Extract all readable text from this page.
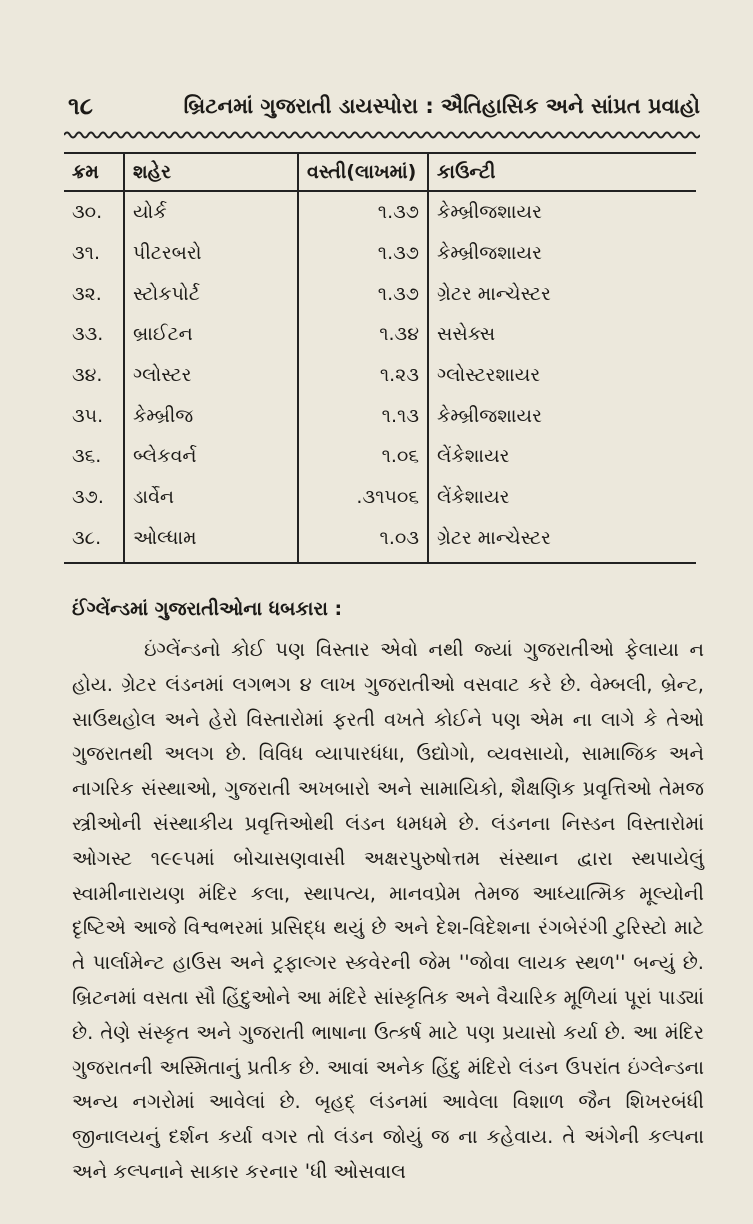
૧૮	બ્રિટનમાં ગુજરાતી ડાયસ્પોરા : ઐતિહાસિક અને સાંપ્રત પ્રવાહો
ક્રમ	શહેર	વસ્તી(લાખમાં)	કાઉન્ટી
૩૦.	યોર્ક	૧.૩૭	કેમ્બ્રીજશાયર
૩૧.	પીટરબરો	૧.૩૭	કેમ્બ્રીજશાયર
૩૨.	સ્ટોકપોર્ટ	૧.૩૭	ગ્રેટર માન્ચેસ્ટર
૩૩.	બ્રાઈટન	૧.૩૪	સસેક્સ
૩૪.	ગ્લોસ્ટર	૧.૨૩	ગ્લોસ્ટરશાયર
૩૫.	કેમ્બ્રીજ	૧.૧૩	કેમ્બ્રીજશાયર
૩૬.	બ્લેકવર્ન	૧.૦૬	લેંકેશાયર
૩૭.	ડાર્વેન	.૩૧૫૦૬	લેંકેશાયર
૩૮.	ઓલ્ધામ	૧.૦૩	ગ્રેટર માન્ચેસ્ટર
ઈંગ્લેંન્ડમાં ગુજરાતીઓના ધબકારા :

ઇંગ્લેંન્ડનો કોઈ પણ વિસ્તાર એવો નથી જ્યાં ગુજરાતીઓ ફેલાયા ન હોય. ગ્રેટર લંડનમાં લગભગ ૪ લાખ ગુજરાતીઓ વસવાટ કરે છે. વેમ્બલી, બ્રેન્ટ, સાઉથહોલ અને હેરો વિસ્તારોમાં ફરતી વખતે કોઈને પણ એમ ના લાગે કે તેઓ ગુજરાતથી અલગ છે. વિવિધ વ્યાપારધંધા, ઉદ્યોગો, વ્યવસાયો, સામાજિક અને નાગરિક સંસ્થાઓ, ગુજરાતી અખબારો અને સામાયિકો, શૈક્ષણિક પ્રવૃત્તિઓ તેમજ સ્ત્રીઓની સંસ્થાકીય પ્રવૃત્તિઓથી લંડન ધમધમે છે. લંડનના નિસ્ડન વિસ્તારોમાં ઓગસ્ટ ૧૯૯૫માં બોચાસણવાસી અક્ષરપુરુષોત્તમ સંસ્થાન દ્વારા સ્થપાયેલું સ્વામીનારાયણ મંદિર કલા, સ્થાપત્ય, માનવપ્રેમ તેમજ આધ્યાત્મિક મૂલ્યોની દૃષ્ટિએ આજે વિશ્વભરમાં પ્રસિદ્ધ થયું છે અને દેશ-વિદેશના રંગબેરંગી ટુરિસ્ટો માટે તે પાર્લામેન્ટ હાઉસ અને ટ્રફાલ્ગર સ્કવેરની જેમ ''જોવા લાયક સ્થળ'' બન્યું છે. બ્રિટનમાં વસતા સૌ હિંદુઓને આ મંદિરે સાંસ્કૃતિક અને વૈચારિક મૂળિયાં પૂરાં પાડ્યાં છે. તેણે સંસ્કૃત અને ગુજરાતી ભાષાના ઉત્કર્ષ માટે પણ પ્રયાસો કર્યા છે. આ મંદિર ગુજરાતની અસ્મિતાનું પ્રતીક છે. આવાં અનેક હિંદુ મંદિરો લંડન ઉપરાંત ઇંગ્લેન્ડના અન્ય નગરોમાં આવેલાં છે. બૃહદ્ લંડનમાં આવેલા વિશાળ જૈન શિખરબંધી જીનાલયનું દર્શન કર્યા વગર તો લંડન જોયું જ ના કહેવાય. તે અંગેની કલ્પના અને કલ્પનાને સાકાર કરનાર 'ધી ઓસવાલ
